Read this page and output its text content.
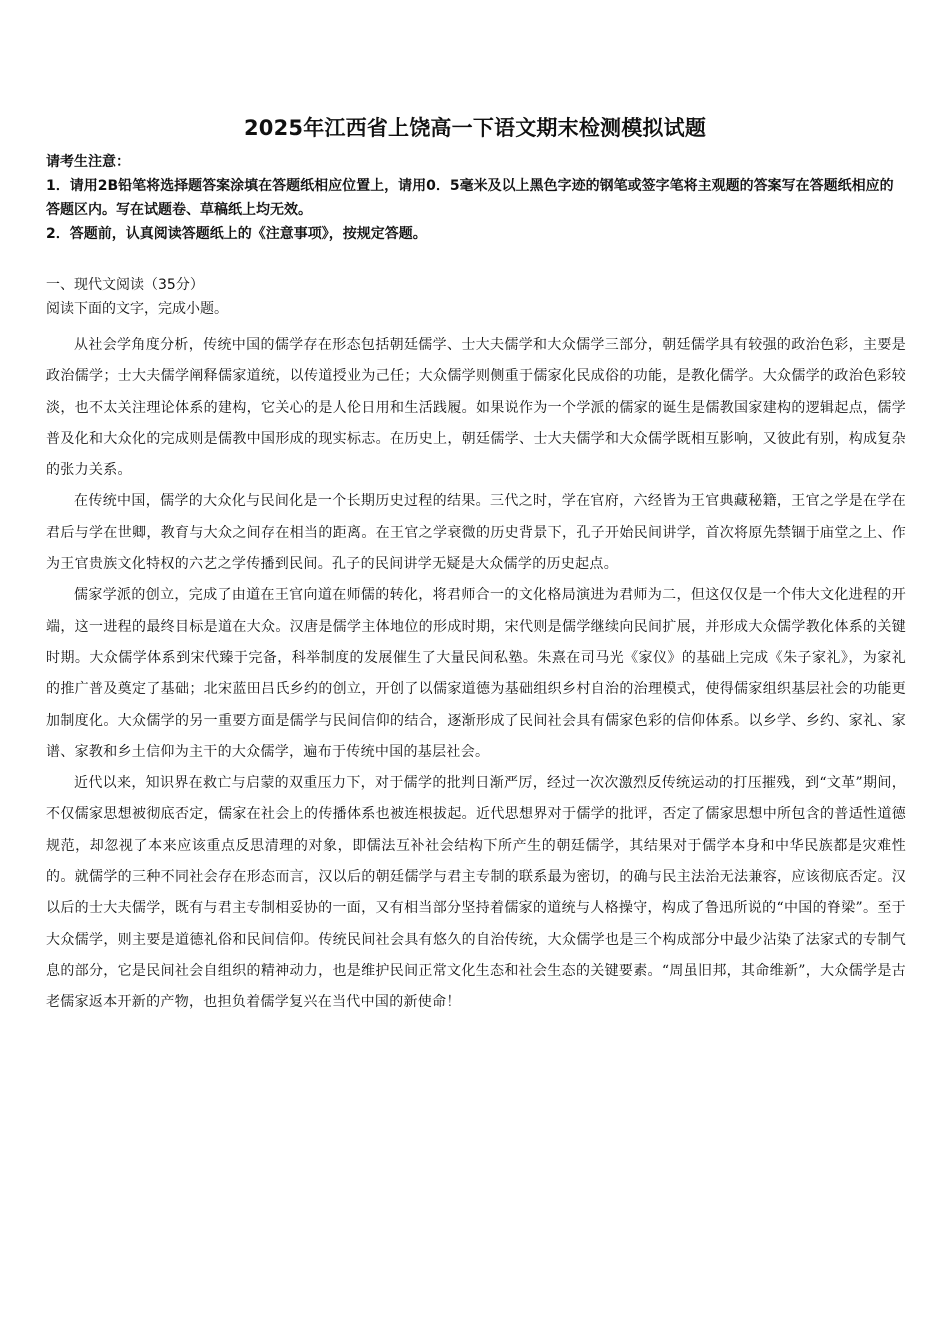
2025年江西省上饶高一下语文期末检测模拟试题

请考生注意：

1．请用2B铅笔将选择题答案涂填在答题纸相应位置上，请用0．5毫米及以上黑色字迹的钢笔或签字笔将主观题的答案写在答题纸相应的答题区内。写在试题卷、草稿纸上均无效。

2．答题前，认真阅读答题纸上的《注意事项》，按规定答题。

一、现代文阅读（35分）
阅读下面的文字，完成小题。

从社会学角度分析，传统中国的儒学存在形态包括朝廷儒学、士大夫儒学和大众儒学三部分，朝廷儒学具有较强的政治色彩，主要是政治儒学；士大夫儒学阐释儒家道统，以传道授业为己任；大众儒学则侧重于儒家化民成俗的功能，是教化儒学。大众儒学的政治色彩较淡，也不太关注理论体系的建构，它关心的是人伦日用和生活践履。如果说作为一个学派的儒家的诞生是儒教国家建构的逻辑起点，儒学普及化和大众化的完成则是儒教中国形成的现实标志。在历史上，朝廷儒学、士大夫儒学和大众儒学既相互影响，又彼此有别，构成复杂的张力关系。

在传统中国，儒学的大众化与民间化是一个长期历史过程的结果。三代之时，学在官府，六经皆为王官典藏秘籍，王官之学是在学在君后与学在世卿，教育与大众之间存在相当的距离。在王官之学衰微的历史背景下，孔子开始民间讲学，首次将原先禁锢于庙堂之上、作为王官贵族文化特权的六艺之学传播到民间。孔子的民间讲学无疑是大众儒学的历史起点。

儒家学派的创立，完成了由道在王官向道在师儒的转化，将君师合一的文化格局演进为君师为二，但这仅仅是一个伟大文化进程的开端，这一进程的最终目标是道在大众。汉唐是儒学主体地位的形成时期，宋代则是儒学继续向民间扩展，并形成大众儒学教化体系的关键时期。大众儒学体系到宋代臻于完备，科举制度的发展催生了大量民间私塾。朱熹在司马光《家仪》的基础上完成《朱子家礼》，为家礼的推广普及奠定了基础；北宋蓝田吕氏乡约的创立，开创了以儒家道德为基础组织乡村自治的治理模式，使得儒家组织基层社会的功能更加制度化。大众儒学的另一重要方面是儒学与民间信仰的结合，逐渐形成了民间社会具有儒家色彩的信仰体系。以乡学、乡约、家礼、家谱、家教和乡土信仰为主干的大众儒学，遍布于传统中国的基层社会。

近代以来，知识界在救亡与启蒙的双重压力下，对于儒学的批判日渐严厉，经过一次次激烈反传统运动的打压摧残，到“文革”期间，不仅儒家思想被彻底否定，儒家在社会上的传播体系也被连根拔起。近代思想界对于儒学的批评，否定了儒家思想中所包含的普适性道德规范，却忽视了本来应该重点反思清理的对象，即儒法互补社会结构下所产生的朝廷儒学，其结果对于儒学本身和中华民族都是灾难性的。就儒学的三种不同社会存在形态而言，汉以后的朝廷儒学与君主专制的联系最为密切，的确与民主法治无法兼容，应该彻底否定。汉以后的士大夫儒学，既有与君主专制相妥协的一面，又有相当部分坚持着儒家的道统与人格操守，构成了鲁迅所说的“中国的脊梁”。至于大众儒学，则主要是道德礼俗和民间信仰。传统民间社会具有悠久的自治传统，大众儒学也是三个构成部分中最少沾染了法家式的专制气息的部分，它是民间社会自组织的精神动力，也是维护民间正常文化生态和社会生态的关键要素。“周虽旧邦，其命维新”，大众儒学是古老儒家返本开新的产物，也担负着儒学复兴在当代中国的新使命！
